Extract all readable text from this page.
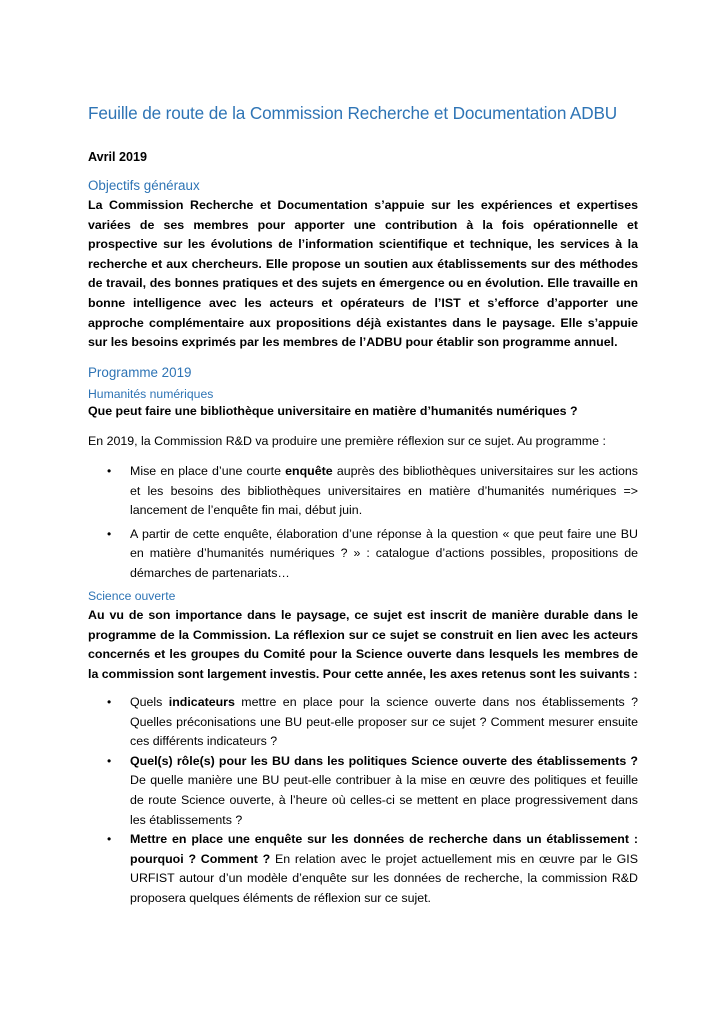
Feuille de route de la Commission Recherche et Documentation ADBU
Avril 2019
Objectifs généraux
La Commission Recherche et Documentation s’appuie sur les expériences et expertises variées de ses membres pour apporter une contribution à la fois opérationnelle et prospective sur les évolutions de l’information scientifique et technique, les services à la recherche et aux chercheurs. Elle propose un soutien aux établissements sur des méthodes de travail, des bonnes pratiques et des sujets en émergence ou en évolution. Elle travaille en bonne intelligence avec les acteurs et opérateurs de l’IST et s’efforce d’apporter une approche complémentaire aux propositions déjà existantes dans le paysage. Elle s’appuie sur les besoins exprimés par les membres de l’ADBU pour établir son programme annuel.
Programme 2019
Humanités numériques
Que peut faire une bibliothèque universitaire en matière d’humanités numériques ?
En 2019, la Commission R&D va produire une première réflexion sur ce sujet. Au programme :
• Mise en place d’une courte enquête auprès des bibliothèques universitaires sur les actions et les besoins des bibliothèques universitaires en matière d’humanités numériques => lancement de l’enquête fin mai, début juin.
• A partir de cette enquête, élaboration d’une réponse à la question « que peut faire une BU en matière d’humanités numériques ? » : catalogue d’actions possibles, propositions de démarches de partenariats…
Science ouverte
Au vu de son importance dans le paysage, ce sujet est inscrit de manière durable dans le programme de la Commission. La réflexion sur ce sujet se construit en lien avec les acteurs concernés et les groupes du Comité pour la Science ouverte dans lesquels les membres de la commission sont largement investis. Pour cette année, les axes retenus sont les suivants :
• Quels indicateurs mettre en place pour la science ouverte dans nos établissements ? Quelles préconisations une BU peut-elle proposer sur ce sujet ? Comment mesurer ensuite ces différents indicateurs ?
• Quel(s) rôle(s) pour les BU dans les politiques Science ouverte des établissements ? De quelle manière une BU peut-elle contribuer à la mise en œuvre des politiques et feuille de route Science ouverte, à l’heure où celles-ci se mettent en place progressivement dans les établissements ?
• Mettre en place une enquête sur les données de recherche dans un établissement : pourquoi ? Comment ? En relation avec le projet actuellement mis en œuvre par le GIS URFIST autour d’un modèle d’enquête sur les données de recherche, la commission R&D proposera quelques éléments de réflexion sur ce sujet.
